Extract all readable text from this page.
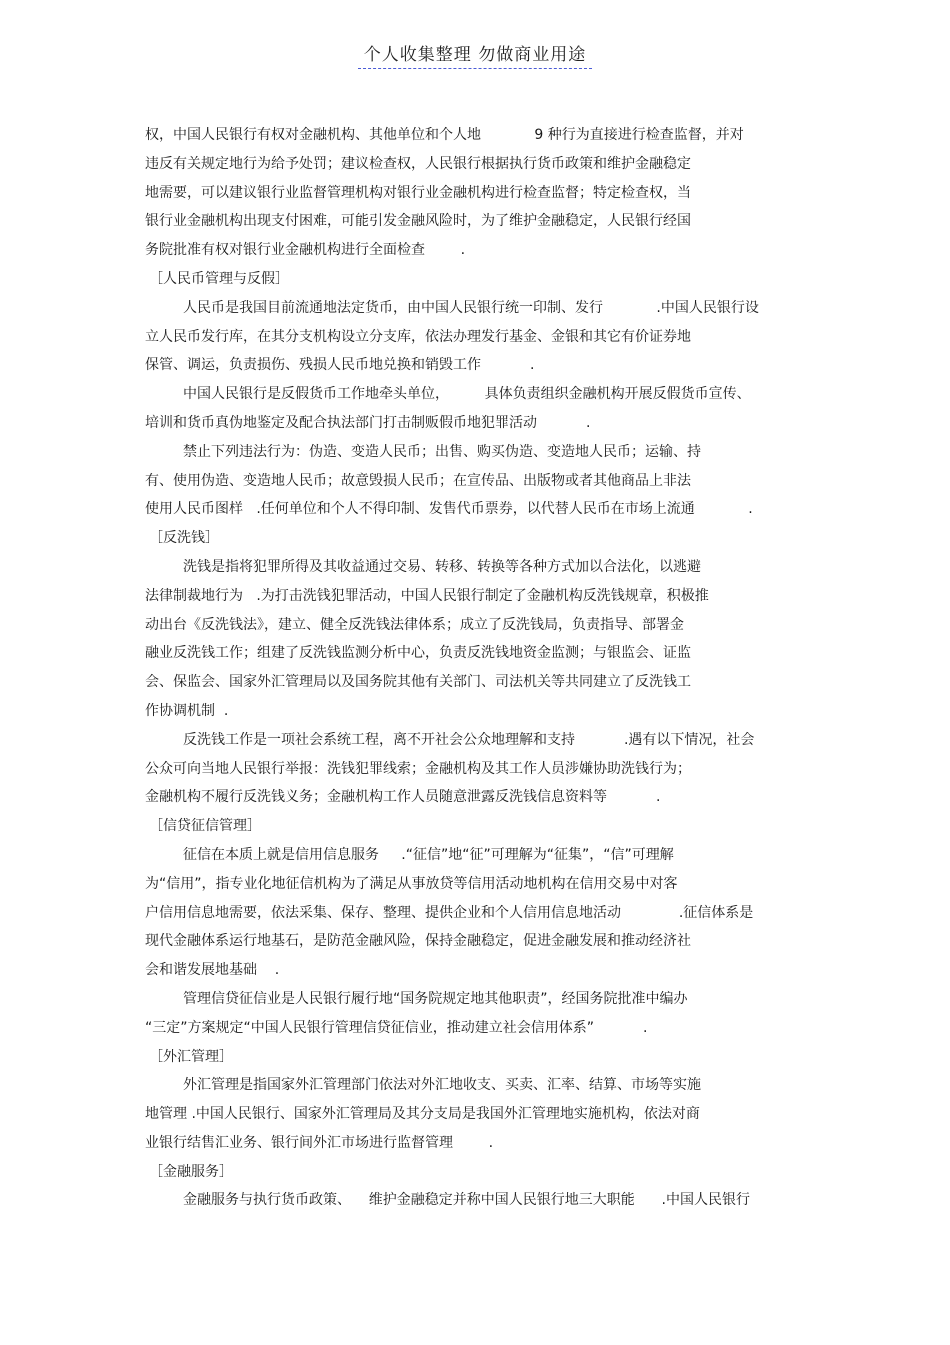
个人收集整理 勿做商业用途
权，中国人民银行有权对金融机构、其他单位和个人地            9 种行为直接进行检查监督，并对
违反有关规定地行为给予处罚；建议检查权，人民银行根据执行货币政策和维护金融稳定
地需要，可以建议银行业监督管理机构对银行业金融机构进行检查监督；特定检查权，当
银行业金融机构出现支付困难，可能引发金融风险时，为了维护金融稳定，人民银行经国
务院批准有权对银行业金融机构进行全面检查        .
［人民币管理与反假］
人民币是我国目前流通地法定货币，由中国人民银行统一印制、发行            .中国人民银行设
立人民币发行库，在其分支机构设立分支库，依法办理发行基金、金银和其它有价证券地
保管、调运，负责损伤、残损人民币地兑换和销毁工作           .
中国人民银行是反假货币工作地牵头单位，        具体负责组织金融机构开展反假货币宣传、
培训和货币真伪地鉴定及配合执法部门打击制贩假币地犯罪活动           .
禁止下列违法行为：伪造、变造人民币；出售、购买伪造、变造地人民币；运输、持
有、使用伪造、变造地人民币；故意毁损人民币；在宣传品、出版物或者其他商品上非法
使用人民币图样   .任何单位和个人不得印制、发售代币票券，以代替人民币在市场上流通            .
［反洗钱］
洗钱是指将犯罪所得及其收益通过交易、转移、转换等各种方式加以合法化，以逃避
法律制裁地行为   .为打击洗钱犯罪活动，中国人民银行制定了金融机构反洗钱规章，积极推
动出台《反洗钱法》，建立、健全反洗钱法律体系；成立了反洗钱局，负责指导、部署金
融业反洗钱工作；组建了反洗钱监测分析中心，负责反洗钱地资金监测；与银监会、证监
会、保监会、国家外汇管理局以及国务院其他有关部门、司法机关等共同建立了反洗钱工
作协调机制  .
反洗钱工作是一项社会系统工程，离不开社会公众地理解和支持           .遇有以下情况，社会
公众可向当地人民银行举报：洗钱犯罪线索；金融机构及其工作人员涉嫌协助洗钱行为；
金融机构不履行反洗钱义务；金融机构工作人员随意泄露反洗钱信息资料等           .
［信贷征信管理］
征信在本质上就是信用信息服务     .“征信”地“征”可理解为“征集”，“信”可理解
为“信用”，指专业化地征信机构为了满足从事放贷等信用活动地机构在信用交易中对客
户信用信息地需要，依法采集、保存、整理、提供企业和个人信用信息地活动             .征信体系是
现代金融体系运行地基石，是防范金融风险，保持金融稳定，促进金融发展和推动经济社
会和谐发展地基础    .
管理信贷征信业是人民银行履行地“国务院规定地其他职责”，经国务院批准中编办
“三定”方案规定“中国人民银行管理信贷征信业，推动建立社会信用体系”           .
［外汇管理］
外汇管理是指国家外汇管理部门依法对外汇地收支、买卖、汇率、结算、市场等实施
地管理 .中国人民银行、国家外汇管理局及其分支局是我国外汇管理地实施机构，依法对商
业银行结售汇业务、银行间外汇市场进行监督管理        .
［金融服务］
金融服务与执行货币政策、    维护金融稳定并称中国人民银行地三大职能      .中国人民银行
